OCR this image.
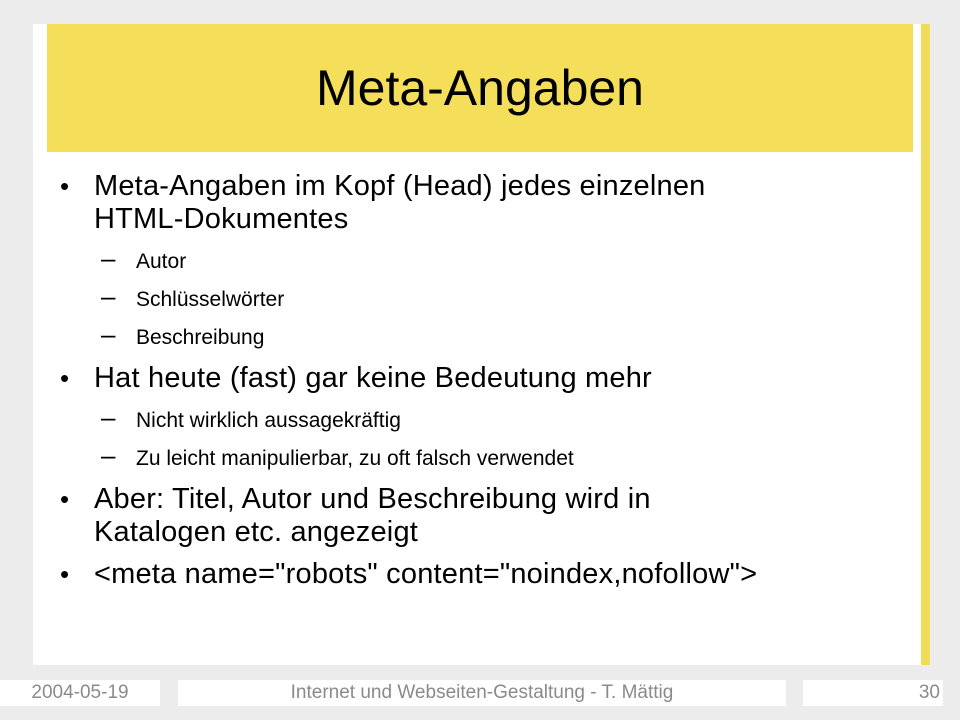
Meta-Angaben
• Meta-Angaben im Kopf (Head) jedes einzelnen
HTML-Dokumentes
– Autor
– Schlüsselwörter
– Beschreibung
• Hat heute (fast) gar keine Bedeutung mehr
– Nicht wirklich aussagekräftig
– Zu leicht manipulierbar, zu oft falsch verwendet
• Aber: Titel, Autor und Beschreibung wird in
Katalogen etc. angezeigt
• <meta name="robots" content="noindex,nofollow">
2004-05-19	Internet und Webseiten-Gestaltung - T. Mättig	30
